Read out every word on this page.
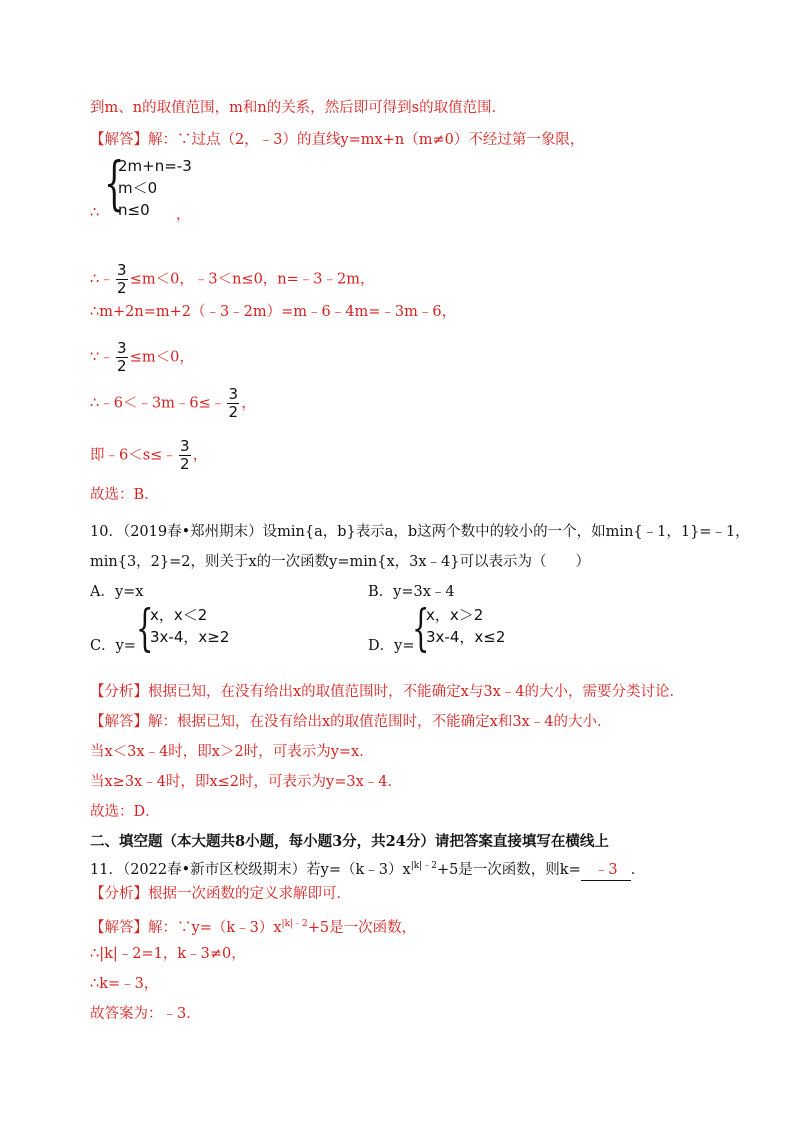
到m、n的取值范围，m和n的关系，然后即可得到s的取值范围．
【解答】解：∵过点（2，﹣3）的直线y=mx+n（m≠0）不经过第一象限，
∴ {
2m+n=-3
m＜0
n≤0 ，
∴﹣ $\frac{3}{2} \le m<0$，﹣3＜n≤0，n=﹣3﹣2m，
∴m+2n=m+2（﹣3﹣2m）=m﹣6﹣4m=﹣3m﹣6，
∵﹣ $\frac{3}{2} \le m<0$，
∴﹣6＜﹣3m﹣6≤﹣ $\frac{3}{2}$ ，
即﹣6＜s≤﹣ $\frac{3}{2}$ ，
故选：B．
10．（2019春•郑州期末）设min{a，b}表示a，b这两个数中的较小的一个，如min{﹣1，1}=﹣1，
min{3，2}=2，则关于x的一次函数y=min{x，3x﹣4}可以表示为（　　）
A．y=x	B．y=3x﹣4
C．y= {
x，x＜2
3x-4，x≥2	D．y=
{
x，x＞2
3x-4，x≤2
【分析】根据已知，在没有给出x的取值范围时，不能确定x与3x﹣4的大小，需要分类讨论．
【解答】解：根据已知，在没有给出x的取值范围时，不能确定x和3x﹣4的大小．
当x＜3x﹣4时，即x＞2时，可表示为y=x．
当x≥3x﹣4时，即x≤2时，可表示为y=3x﹣4．
故选：D．
二、填空题（本大题共8小题，每小题3分，共24分）请把答案直接填写在横线上
11．（2022春•新市区校级期末）若$y=(k﹣3)x^{|k|﹣2}+5$是一次函数，则k= ﹣3 ．
【分析】根据一次函数的定义求解即可．
【解答】解：$\because y=(k﹣3)x^{|k|﹣2}+5$是一次函数，
∴|k|﹣2=1，k﹣3≠0，
∴k=﹣3，
故答案为：﹣3．
